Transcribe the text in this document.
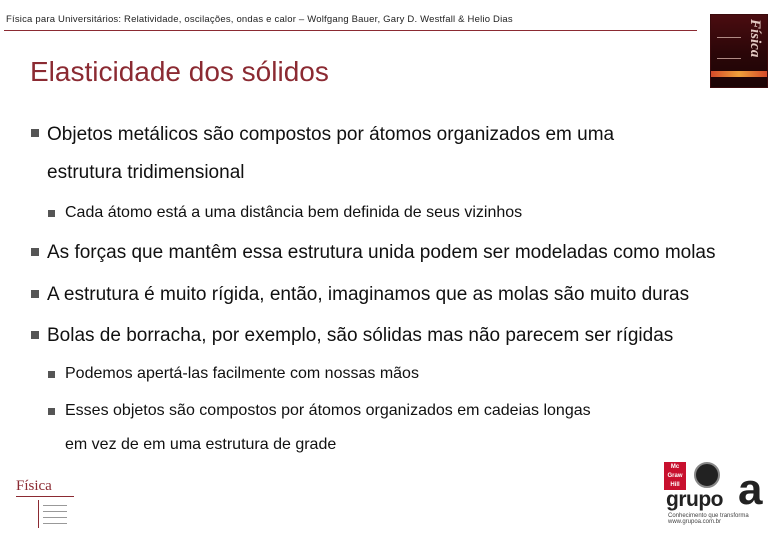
Física para Universitários: Relatividade, oscilações, ondas e calor – Wolfgang Bauer, Gary D. Westfall & Helio Dias	Física
Elasticidade dos sólidos
Objetos metálicos são compostos por átomos organizados em uma
estrutura tridimensional
Cada átomo está a uma distância bem definida de seus vizinhos
As forças que mantêm essa estrutura unida podem ser modeladas como molas
A estrutura é muito rígida, então, imaginamos que as molas são muito duras
Bolas de borracha, por exemplo, são sólidas mas não parecem ser rígidas
Podemos apertá-las facilmente com nossas mãos
Esses objetos são compostos por átomos organizados em cadeias longas
em vez de em uma estrutura de grade
Física
Mc Graw Hill a
grupo
Conhecimento que transforma
www.grupoa.com.br
